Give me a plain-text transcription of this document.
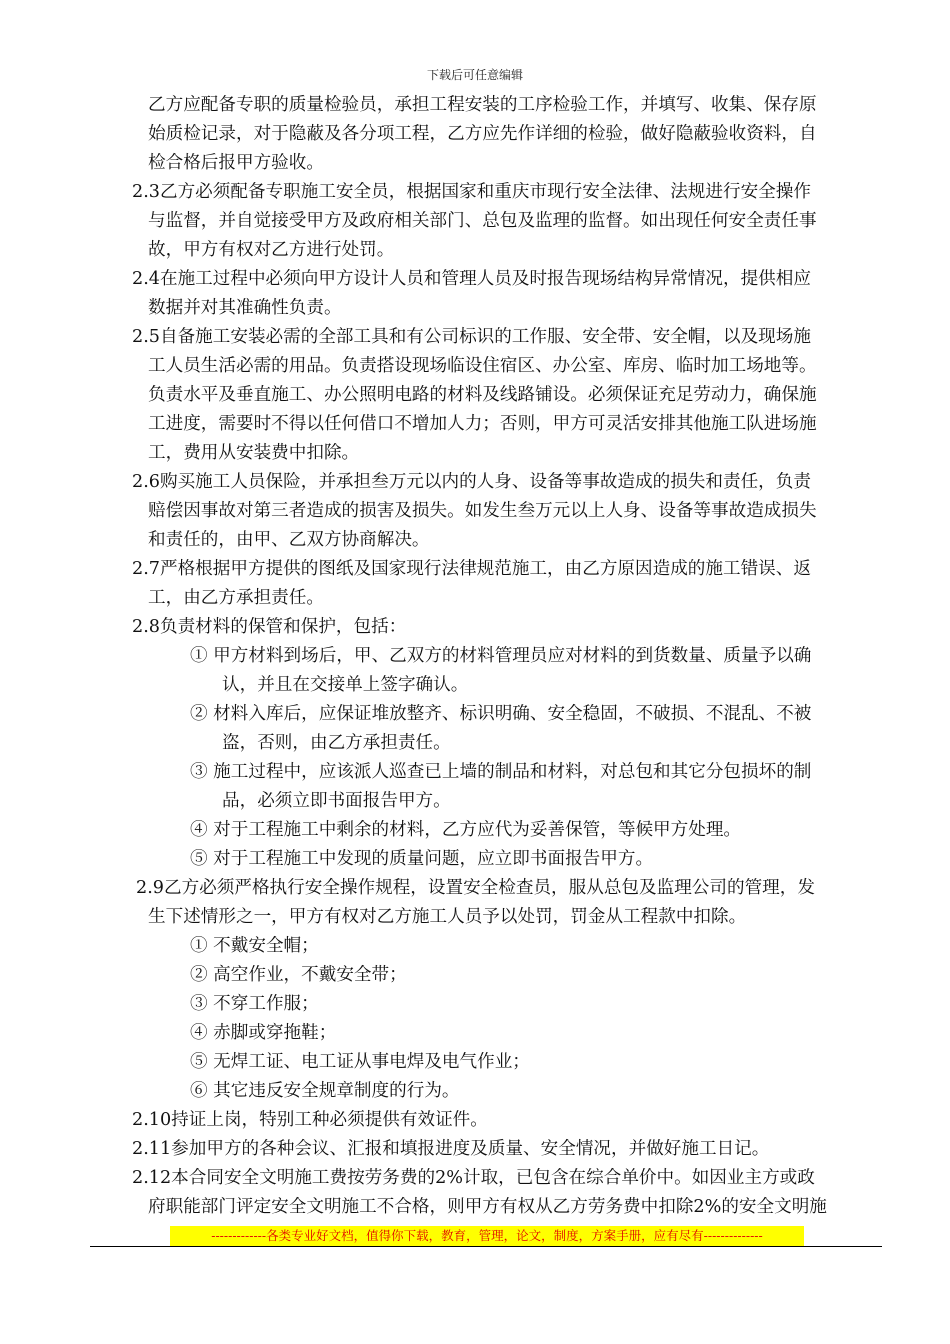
下载后可任意编辑
乙方应配备专职的质量检验员，承担工程安装的工序检验工作，并填写、收集、保存原
始质检记录，对于隐蔽及各分项工程，乙方应先作详细的检验，做好隐蔽验收资料，自
检合格后报甲方验收。
2.3乙方必须配备专职施工安全员，根据国家和重庆市现行安全法律、法规进行安全操作
与监督，并自觉接受甲方及政府相关部门、总包及监理的监督。如出现任何安全责任事
故，甲方有权对乙方进行处罚。
2.4在施工过程中必须向甲方设计人员和管理人员及时报告现场结构异常情况，提供相应
数据并对其准确性负责。
2.5自备施工安装必需的全部工具和有公司标识的工作服、安全带、安全帽，以及现场施
工人员生活必需的用品。负责搭设现场临设住宿区、办公室、库房、临时加工场地等。
负责水平及垂直施工、办公照明电路的材料及线路铺设。必须保证充足劳动力，确保施
工进度，需要时不得以任何借口不增加人力；否则，甲方可灵活安排其他施工队进场施
工，费用从安装费中扣除。
2.6购买施工人员保险，并承担叁万元以内的人身、设备等事故造成的损失和责任，负责
赔偿因事故对第三者造成的损害及损失。如发生叁万元以上人身、设备等事故造成损失
和责任的，由甲、乙双方协商解决。
2.7严格根据甲方提供的图纸及国家现行法律规范施工，由乙方原因造成的施工错误、返
工，由乙方承担责任。
2.8负责材料的保管和保护，包括：
① 甲方材料到场后，甲、乙双方的材料管理员应对材料的到货数量、质量予以确
认，并且在交接单上签字确认。
② 材料入库后，应保证堆放整齐、标识明确、安全稳固，不破损、不混乱、不被
盗，否则，由乙方承担责任。
③ 施工过程中，应该派人巡查已上墙的制品和材料，对总包和其它分包损坏的制
品，必须立即书面报告甲方。
④ 对于工程施工中剩余的材料，乙方应代为妥善保管，等候甲方处理。
⑤ 对于工程施工中发现的质量问题，应立即书面报告甲方。
2.9乙方必须严格执行安全操作规程，设置安全检查员，服从总包及监理公司的管理，发
生下述情形之一，甲方有权对乙方施工人员予以处罚，罚金从工程款中扣除。
① 不戴安全帽；
② 高空作业，不戴安全带；
③ 不穿工作服；
④ 赤脚或穿拖鞋；
⑤ 无焊工证、电工证从事电焊及电气作业；
⑥ 其它违反安全规章制度的行为。
2.10持证上岗，特别工种必须提供有效证件。
2.11参加甲方的各种会议、汇报和填报进度及质量、安全情况，并做好施工日记。
2.12本合同安全文明施工费按劳务费的2%计取，已包含在综合单价中。如因业主方或政
府职能部门评定安全文明施工不合格，则甲方有权从乙方劳务费中扣除2%的安全文明施
-------------各类专业好文档，值得你下载，教育，管理，论文，制度，方案手册，应有尽有--------------
